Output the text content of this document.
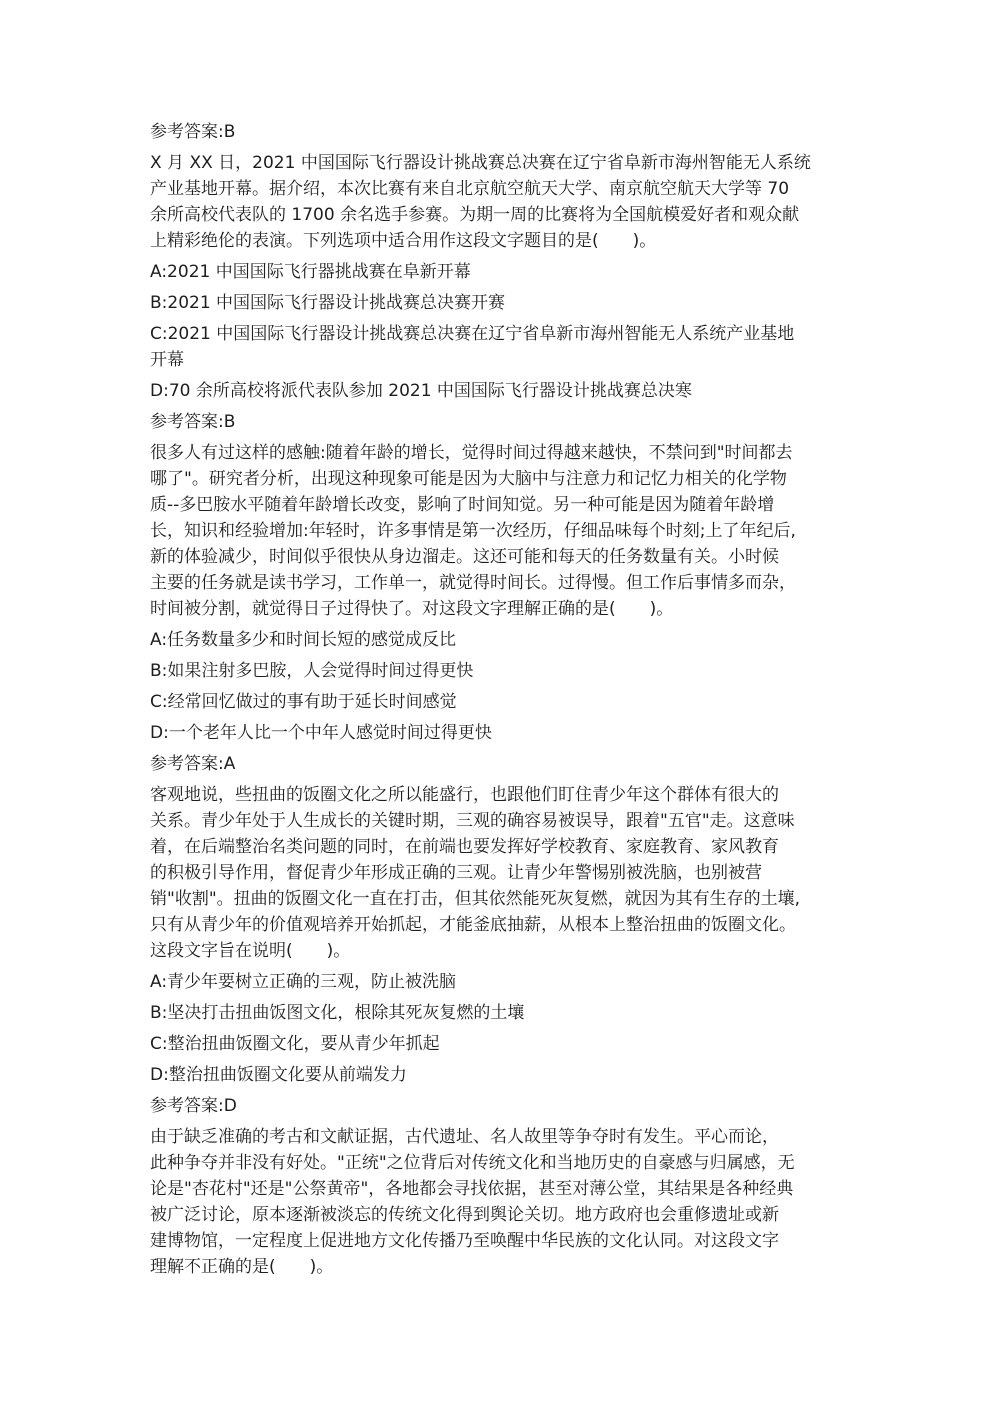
参考答案:B
X 月 XX 日，2021 中国国际飞行器设计挑战赛总决赛在辽宁省阜新市海州智能无人系统
产业基地开幕。据介绍，本次比赛有来自北京航空航天大学、南京航空航天大学等 70
余所高校代表队的 1700 余名选手参赛。为期一周的比赛将为全国航模爱好者和观众献
上精彩绝伦的表演。下列选项中适合用作这段文字题目的是(　　)。
A:2021 中国国际飞行器挑战赛在阜新开幕
B:2021 中国国际飞行器设计挑战赛总决赛开赛
C:2021 中国国际飞行器设计挑战赛总决赛在辽宁省阜新市海州智能无人系统产业基地
开幕
D:70 余所高校将派代表队参加 2021 中国国际飞行器设计挑战赛总决寒
参考答案:B
很多人有过这样的感触:随着年龄的增长，觉得时间过得越来越快，不禁问到"时间都去
哪了"。研究者分析，出现这种现象可能是因为大脑中与注意力和记忆力相关的化学物
质--多巴胺水平随着年龄增长改变，影响了时间知觉。另一种可能是因为随着年龄增
长，知识和经验增加:年轻时，许多事情是第一次经历，仔细品味每个时刻;上了年纪后,
新的体验减少，时间似乎很快从身边溜走。这还可能和每天的任务数量有关。小时候
主要的任务就是读书学习，工作单一，就觉得时间长。过得慢。但工作后事情多而杂，
时间被分割，就觉得日子过得快了。对这段文字理解正确的是(　　)。
A:任务数量多少和时间长短的感觉成反比
B:如果注射多巴胺，人会觉得时间过得更快
C:经常回忆做过的事有助于延长时间感觉
D:一个老年人比一个中年人感觉时间过得更快
参考答案:A
客观地说，些扭曲的饭圈文化之所以能盛行，也跟他们盯住青少年这个群体有很大的
关系。青少年处于人生成长的关键时期，三观的确容易被误导，跟着"五官"走。这意味
着，在后端整治名类问题的同时，在前端也要发挥好学校教育、家庭教育、家风教育
的积极引导作用，督促青少年形成正确的三观。让青少年警惕别被洗脑，也别被营
销"收割"。扭曲的饭圈文化一直在打击，但其依然能死灰复燃，就因为其有生存的土壤,
只有从青少年的价值观培养开始抓起，才能釜底抽薪，从根本上整治扭曲的饭圈文化。
这段文字旨在说明(　　)。
A:青少年要树立正确的三观，防止被洗脑
B:坚决打击扭曲饭图文化，根除其死灰复燃的土壤
C:整治扭曲饭圈文化，要从青少年抓起
D:整治扭曲饭圈文化要从前端发力
参考答案:D
由于缺乏准确的考古和文献证据，古代遗址、名人故里等争夺时有发生。平心而论，
此种争夺并非没有好处。"正统"之位背后对传统文化和当地历史的自豪感与归属感，无
论是"杏花村"还是"公祭黄帝"，各地都会寻找依据，甚至对薄公堂，其结果是各种经典
被广泛讨论，原本逐渐被淡忘的传统文化得到舆论关切。地方政府也会重修遗址或新
建博物馆，一定程度上促进地方文化传播乃至唤醒中华民族的文化认同。对这段文字
理解不正确的是(　　)。
